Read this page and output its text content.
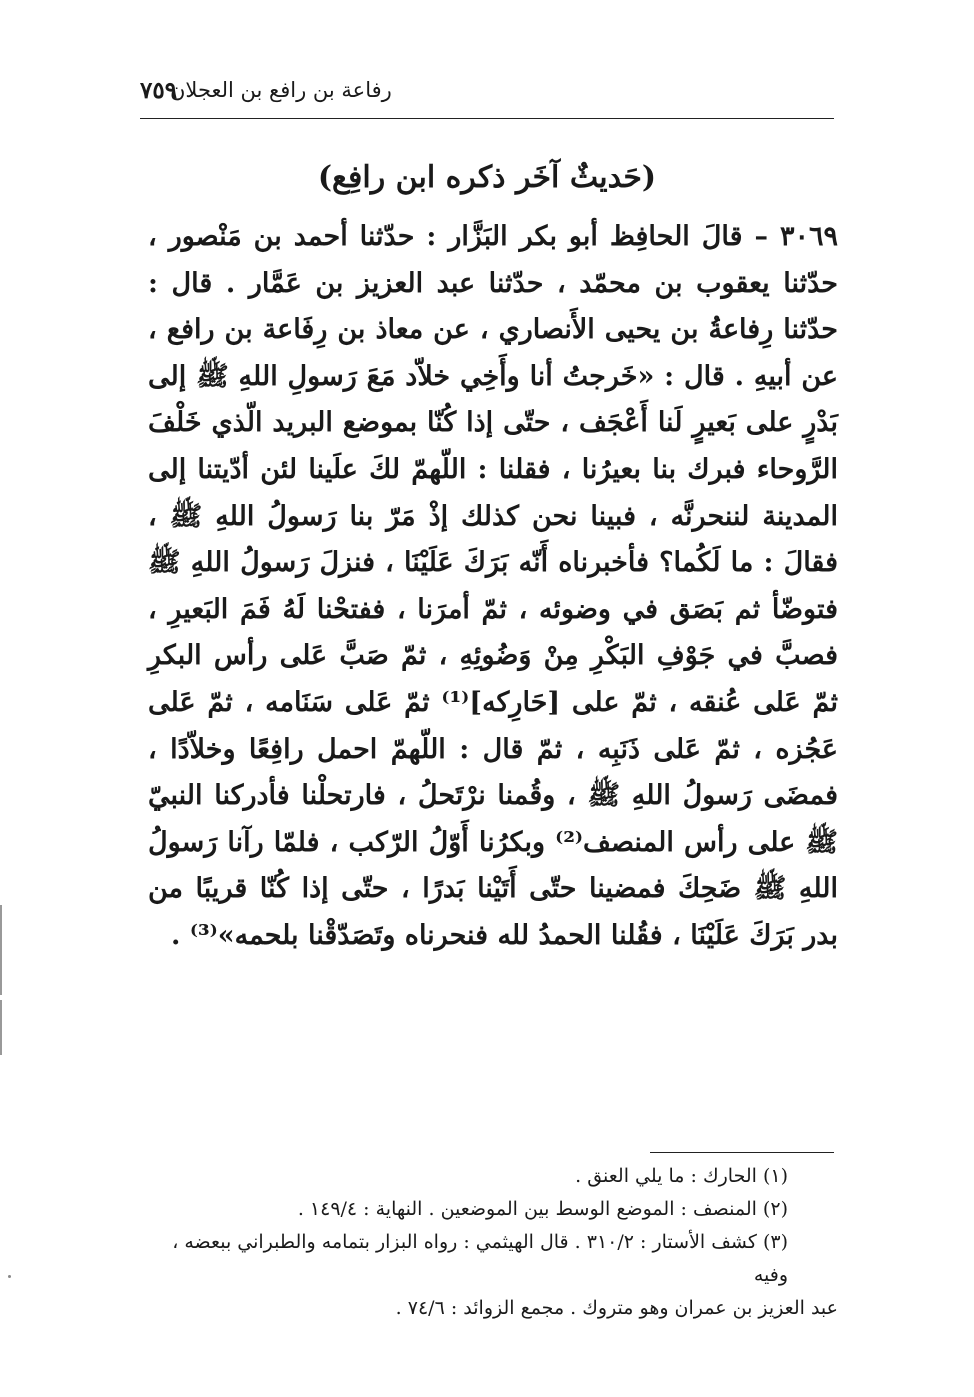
رفاعة بن رافع بن العجلان
٧٥٩
(حَديثٌ آخَر ذكره ابن رافِع)
٣٠٦٩ – قالَ الحافِظ أبو بكر البَزَّار : حدّثنا أحمد بن مَنْصور ، حدّثنا يعقوب بن محمّد ، حدّثنا عبد العزيز بن عَمَّار . قال : حدّثنا رِفاعةُ بن يحيى الأَنصاري ، عن معاذ بن رِفَاعة بن رافع ، عن أبيهِ . قال : «خَرجتُ أنا وأَخِي خلاّد مَعَ رَسولِ اللهِ ﷺ إلى بَدْرٍ على بَعيرٍ لَنا أَعْجَف ، حتّى إذا كُنّا بموضع البريد الّذي خَلْفَ الرَّوحاء فبرك بنا بعيرُنا ، فقلنا : اللّهمّ لكَ علَينا لئن أدّيتنا إلى المدينة لننحرنَّه ، فبينا نحن كذلك إذْ مَرّ بنا رَسولُ اللهِ ﷺ ، فقالَ : ما لَكُما؟ فأخبرناه أَنّه بَرَكَ عَلَيْنَا ، فنزلَ رَسولُ اللهِ ﷺ فتوضّأ ثم بَصَق في وضوئه ، ثمّ أمرَنا ، ففتحْنا لَهُ فَمَ البَعيرِ ، فصبَّ في جَوْفِ البَكْرِ مِنْ وَضُوئِهِ ، ثمّ صَبَّ عَلى رأس البكرِ ثمّ عَلى عُنقه ، ثمّ على [حَارِكه]⁽¹⁾ ثمّ عَلى سَنَامه ، ثمّ عَلى عَجُزه ، ثمّ عَلى ذَنَبِه ، ثمّ قال : اللّهمّ احمل رافِعًا وخلاّدًا ، فمضَى رَسولُ اللهِ ﷺ ، وقُمنا نرْتَحلُ ، فارتحلْنا فأدركنا النبيّ ﷺ على رأس المنصف⁽²⁾ وبكرُنا أَوّلُ الرّكب ، فلمّا رآنا رَسولُ اللهِ ﷺ ضَحِكَ فمضينا حتّى أَتَيْنا بَدرًا ، حتّى إذا كُنّا قريبًا من بدر بَرَكَ عَلَيْنَا ، فقُلنا الحمدُ لله فنحرناه وتَصَدّقْنا بلحمه»⁽³⁾ .
(١) الحارك : ما يلي العنق .
(٢) المنصف : الموضع الوسط بين الموضعين . النهاية : ١٤٩/٤ .
(٣) كشف الأستار : ٣١٠/٢ . قال الهيثمي : رواه البزار بتمامه والطبراني ببعضه ، وفيه
عبد العزيز بن عمران وهو متروك . مجمع الزوائد : ٧٤/٦ .
